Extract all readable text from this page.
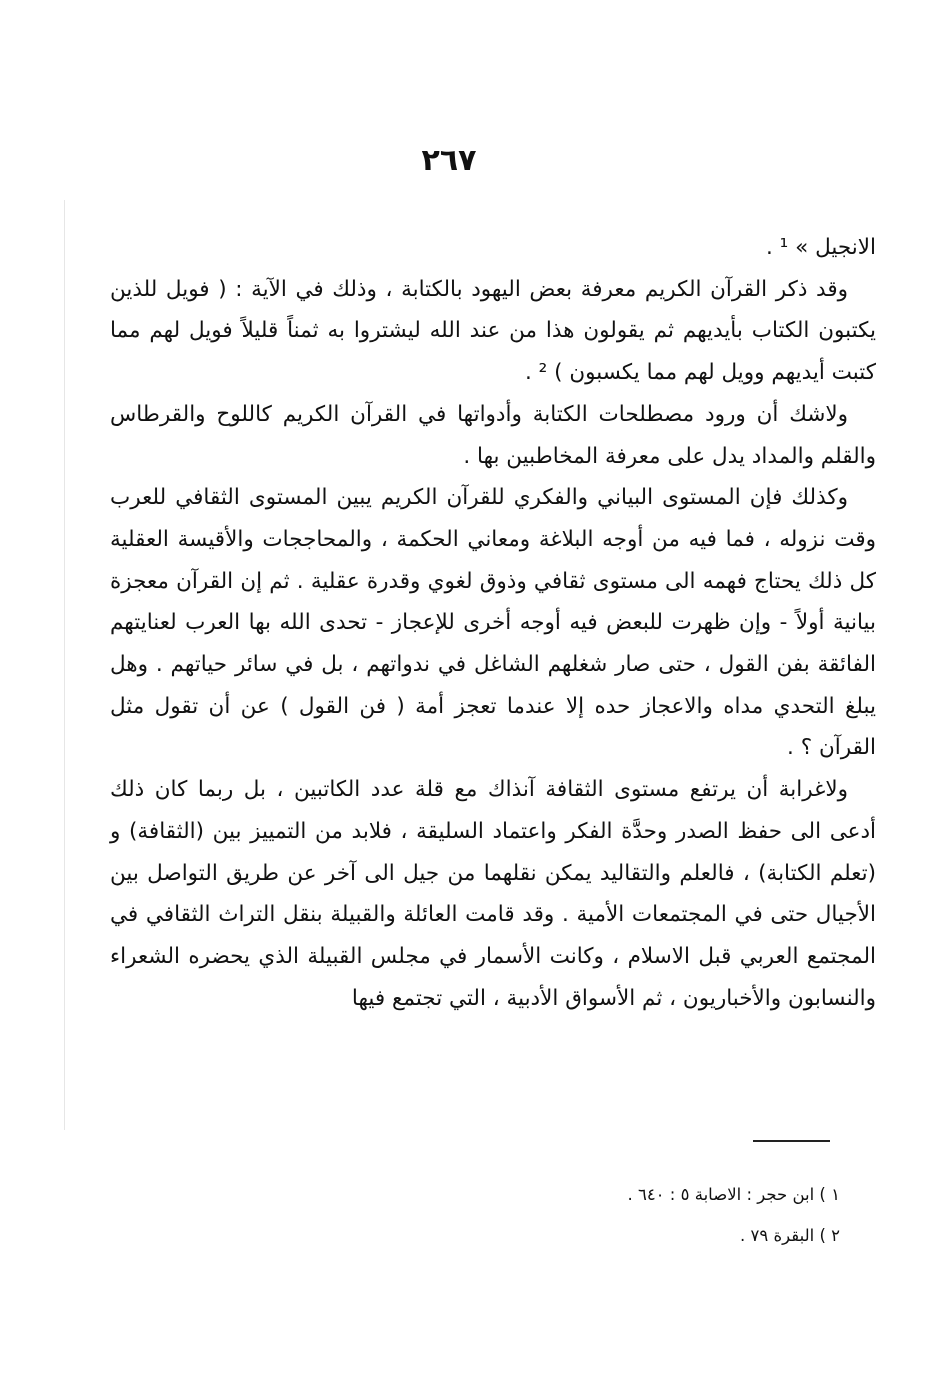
٢٦٧

الانجيل » ¹ .

وقد ذكر القرآن الكريم معرفة بعض اليهود بالكتابة ، وذلك في الآية : ( فويل للذين يكتبون الكتاب بأيديهم ثم يقولون هذا من عند الله ليشتروا به ثمناً قليلاً فويل لهم مما كتبت أيديهم وويل لهم مما يكسبون ) ² .

ولاشك أن ورود مصطلحات الكتابة وأدواتها في القرآن الكريم كاللوح والقرطاس والقلم والمداد يدل على معرفة المخاطبين بها .

وكذلك فإن المستوى البياني والفكري للقرآن الكريم يبين المستوى الثقافي للعرب وقت نزوله ، فما فيه من أوجه البلاغة ومعاني الحكمة ، والمحاججات والأقيسة العقلية كل ذلك يحتاج فهمه الى مستوى ثقافي وذوق لغوي وقدرة عقلية . ثم إن القرآن معجزة بيانية أولاً - وإن ظهرت للبعض فيه أوجه أخرى للإعجاز - تحدى الله بها العرب لعنايتهم الفائقة بفن القول ، حتى صار شغلهم الشاغل في ندواتهم ، بل في سائر حياتهم . وهل يبلغ التحدي مداه والاعجاز حده إلا عندما تعجز أمة ( فن القول ) عن أن تقول مثل القرآن ؟ .

ولاغرابة أن يرتفع مستوى الثقافة آنذاك مع قلة عدد الكاتبين ، بل ربما كان ذلك أدعى الى حفظ الصدر وحدَّة الفكر واعتماد السليقة ، فلابد من التمييز بين (الثقافة) و (تعلم الكتابة) ، فالعلم والتقاليد يمكن نقلهما من جيل الى آخر عن طريق التواصل بين الأجيال حتى في المجتمعات الأمية . وقد قامت العائلة والقبيلة بنقل التراث الثقافي في المجتمع العربي قبل الاسلام ، وكانت الأسمار في مجلس القبيلة الذي يحضره الشعراء والنسابون والأخباريون ، ثم الأسواق الأدبية ، التي تجتمع فيها

١ ) ابن حجر : الاصابة ٥ : ٦٤٠ .
٢ ) البقرة ٧٩ .
